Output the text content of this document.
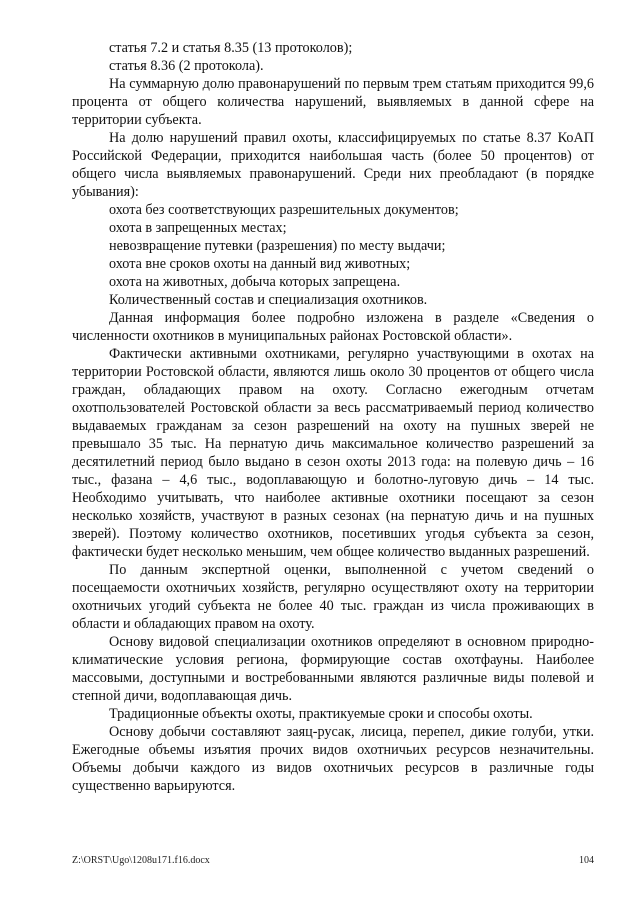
статья 7.2 и статья 8.35 (13 протоколов);

статья 8.36 (2 протокола).

На суммарную долю правонарушений по первым трем статьям приходится 99,6 процента от общего количества нарушений, выявляемых в данной сфере на территории субъекта.

На долю нарушений правил охоты, классифицируемых по статье 8.37 КоАП Российской Федерации, приходится наибольшая часть (более 50 процентов) от общего числа выявляемых правонарушений. Среди них преобладают (в порядке убывания):

охота без соответствующих разрешительных документов;

охота в запрещенных местах;

невозвращение путевки (разрешения) по месту выдачи;

охота вне сроков охоты на данный вид животных;

охота на животных, добыча которых запрещена.

Количественный состав и специализация охотников.

Данная информация более подробно изложена в разделе «Сведения о численности охотников в муниципальных районах Ростовской области».

Фактически активными охотниками, регулярно участвующими в охотах на территории Ростовской области, являются лишь около 30 процентов от общего числа граждан, обладающих правом на охоту. Согласно ежегодным отчетам охотпользователей Ростовской области за весь рассматриваемый период количество выдаваемых гражданам за сезон разрешений на охоту на пушных зверей не превышало 35 тыс. На пернатую дичь максимальное количество разрешений за десятилетний период было выдано в сезон охоты 2013 года: на полевую дичь – 16 тыс., фазана – 4,6 тыс., водоплавающую и болотно-луговую дичь – 14 тыс. Необходимо учитывать, что наиболее активные охотники посещают за сезон несколько хозяйств, участвуют в разных сезонах (на пернатую дичь и на пушных зверей). Поэтому количество охотников, посетивших угодья субъекта за сезон, фактически будет несколько меньшим, чем общее количество выданных разрешений.

По данным экспертной оценки, выполненной с учетом сведений о посещаемости охотничьих хозяйств, регулярно осуществляют охоту на территории охотничьих угодий субъекта не более 40 тыс. граждан из числа проживающих в области и обладающих правом на охоту.

Основу видовой специализации охотников определяют в основном природно-климатические условия региона, формирующие состав охотфауны. Наиболее массовыми, доступными и востребованными являются различные виды полевой и степной дичи, водоплавающая дичь.

Традиционные объекты охоты, практикуемые сроки и способы охоты.

Основу добычи составляют заяц-русак, лисица, перепел, дикие голуби, утки. Ежегодные объемы изъятия прочих видов охотничьих ресурсов незначительны. Объемы добычи каждого из видов охотничьих ресурсов в различные годы существенно варьируются.

Z:\ORST\Ugo\1208u171.f16.docx	104
